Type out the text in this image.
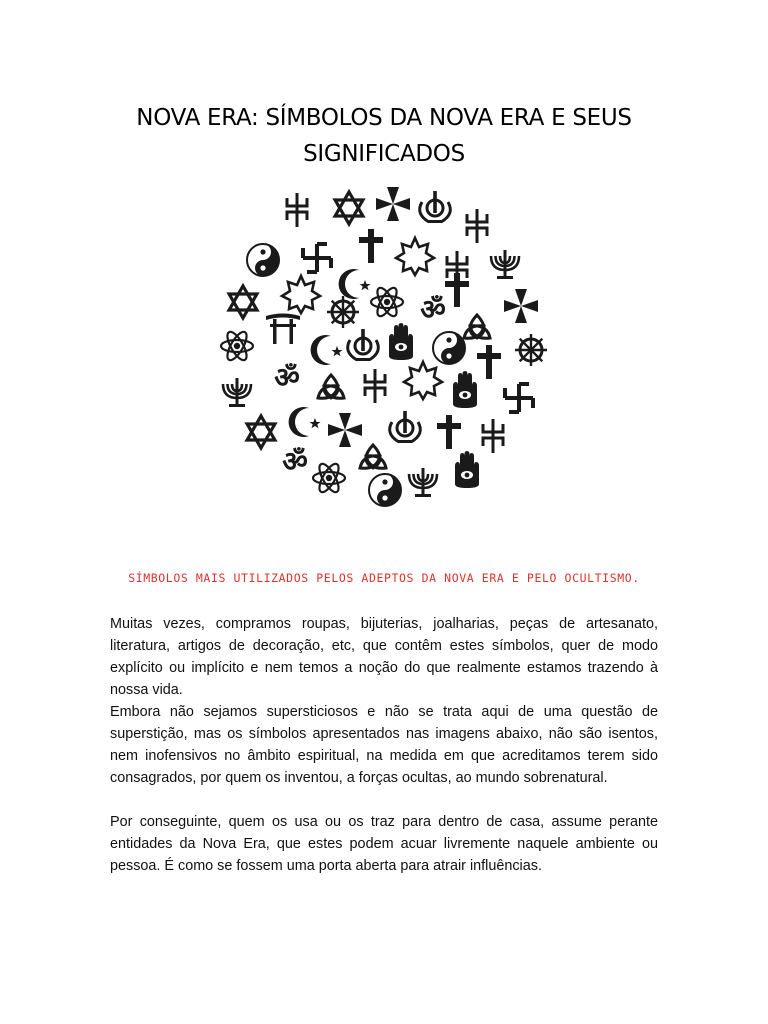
NOVA ERA: SÍMBOLOS DA NOVA ERA E SEUS
SIGNIFICADOS
ॐ
SÍMBOLOS MAIS UTILIZADOS PELOS ADEPTOS DA NOVA ERA E PELO OCULTISMO.

Muitas vezes, compramos roupas, bijuterias, joalharias, peças de artesanato, literatura, artigos de decoração, etc, que contêm estes símbolos, quer de modo explícito ou implícito e nem temos a noção do que realmente estamos trazendo à nossa vida.

Embora não sejamos supersticiosos e não se trata aqui de uma questão de superstição, mas os símbolos apresentados nas imagens abaixo, não são isentos, nem inofensivos no âmbito espiritual, na medida em que acreditamos terem sido consagrados, por quem os inventou, a forças ocultas, ao mundo sobrenatural.

Por conseguinte, quem os usa ou os traz para dentro de casa, assume perante entidades da Nova Era, que estes podem acuar livremente naquele ambiente ou pessoa. É como se fossem uma porta aberta para atrair influências.
